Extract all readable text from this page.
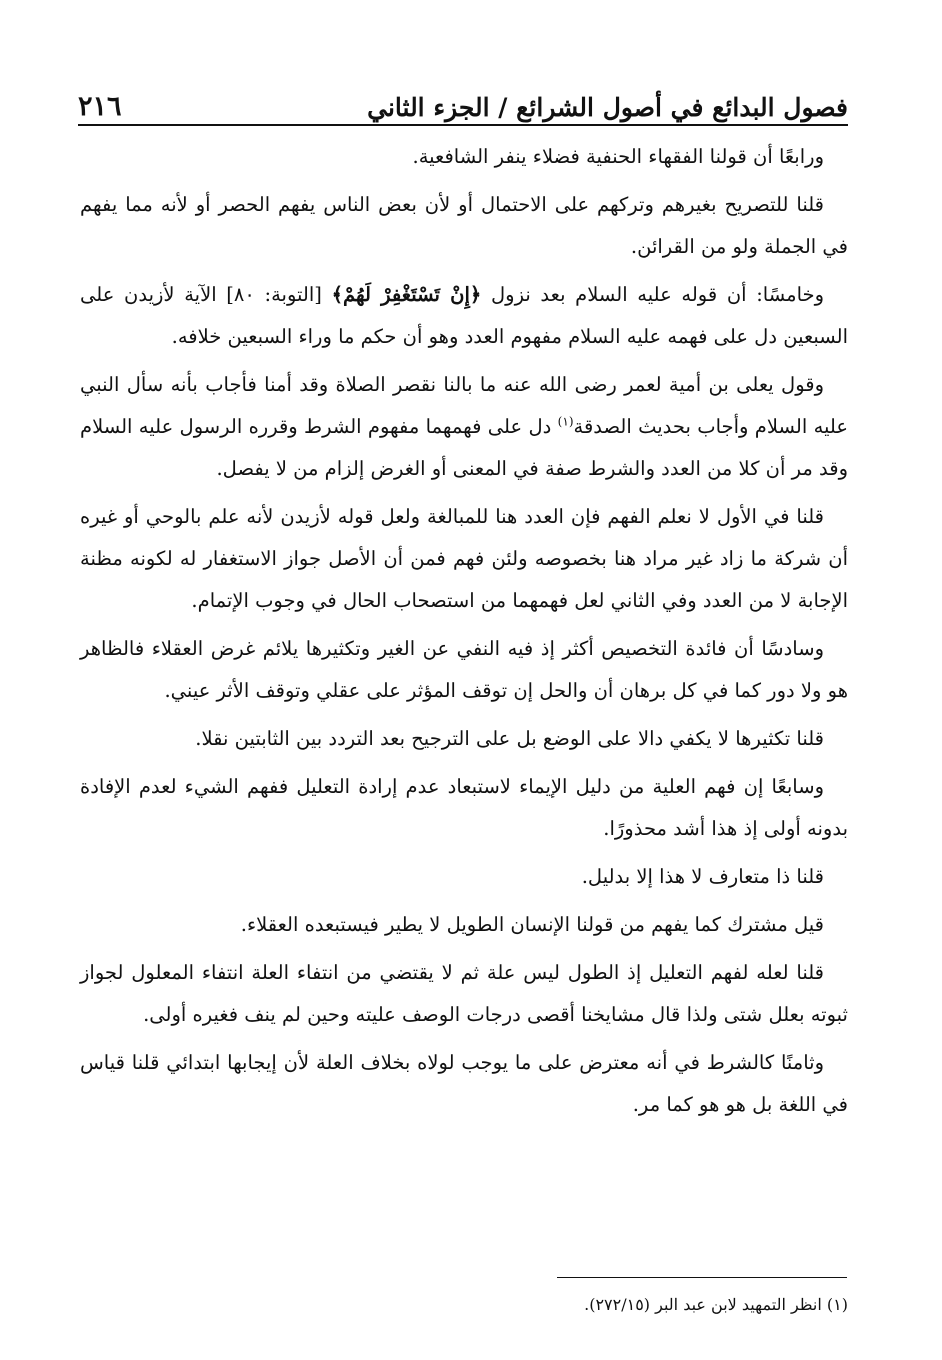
فصول البدائع في أصول الشرائع / الجزء الثاني
٢١٦

ورابعًا أن قولنا الفقهاء الحنفية فضلاء ينفر الشافعية.

قلنا للتصريح بغيرهم وتركهم على الاحتمال أو لأن بعض الناس يفهم الحصر أو لأنه مما يفهم في الجملة ولو من القرائن.

وخامسًا: أن قوله عليه السلام بعد نزول ﴿إِنْ تَسْتَغْفِرْ لَهُمْ﴾ [التوبة: ٨٠] الآية لأزيدن على السبعين دل على فهمه عليه السلام مفهوم العدد وهو أن حكم ما وراء السبعين خلافه.

وقول يعلى بن أمية لعمر رضى الله عنه ما بالنا نقصر الصلاة وقد أمنا فأجاب بأنه سأل النبي عليه السلام وأجاب بحديث الصدقة$^{(١)}$ دل على فهمهما مفهوم الشرط وقرره الرسول عليه السلام وقد مر أن كلا من العدد والشرط صفة في المعنى أو الغرض إلزام من لا يفصل.

قلنا في الأول لا نعلم الفهم فإن العدد هنا للمبالغة ولعل قوله لأزيدن لأنه علم بالوحي أو غيره أن شركة ما زاد غير مراد هنا بخصوصه ولئن فهم فمن أن الأصل جواز الاستغفار له لكونه مظنة الإجابة لا من العدد وفي الثاني لعل فهمهما من استصحاب الحال في وجوب الإتمام.

وسادسًا أن فائدة التخصيص أكثر إذ فيه النفي عن الغير وتكثيرها يلائم غرض العقلاء فالظاهر هو ولا دور كما في كل برهان أن والحل إن توقف المؤثر على عقلي وتوقف الأثر عيني.

قلنا تكثيرها لا يكفي دالا على الوضع بل على الترجيح بعد التردد بين الثابتين نقلا.

وسابعًا إن فهم العلية من دليل الإيماء لاستبعاد عدم إرادة التعليل ففهم الشيء لعدم الإفادة بدونه أولى إذ هذا أشد محذورًا.

قلنا ذا متعارف لا هذا إلا بدليل.

قيل مشترك كما يفهم من قولنا الإنسان الطويل لا يطير فيستبعده العقلاء.

قلنا لعله لفهم التعليل إذ الطول ليس علة ثم لا يقتضي من انتفاء العلة انتفاء المعلول لجواز ثبوته بعلل شتى ولذا قال مشايخنا أقصى درجات الوصف عليته وحين لم ينف فغيره أولى.

وثامنًا كالشرط في أنه معترض على ما يوجب لولاه بخلاف العلة لأن إيجابها ابتدائي قلنا قياس في اللغة بل هو هو كما مر.

(١) انظر التمهيد لابن عبد البر (٢٧٢/١٥).
